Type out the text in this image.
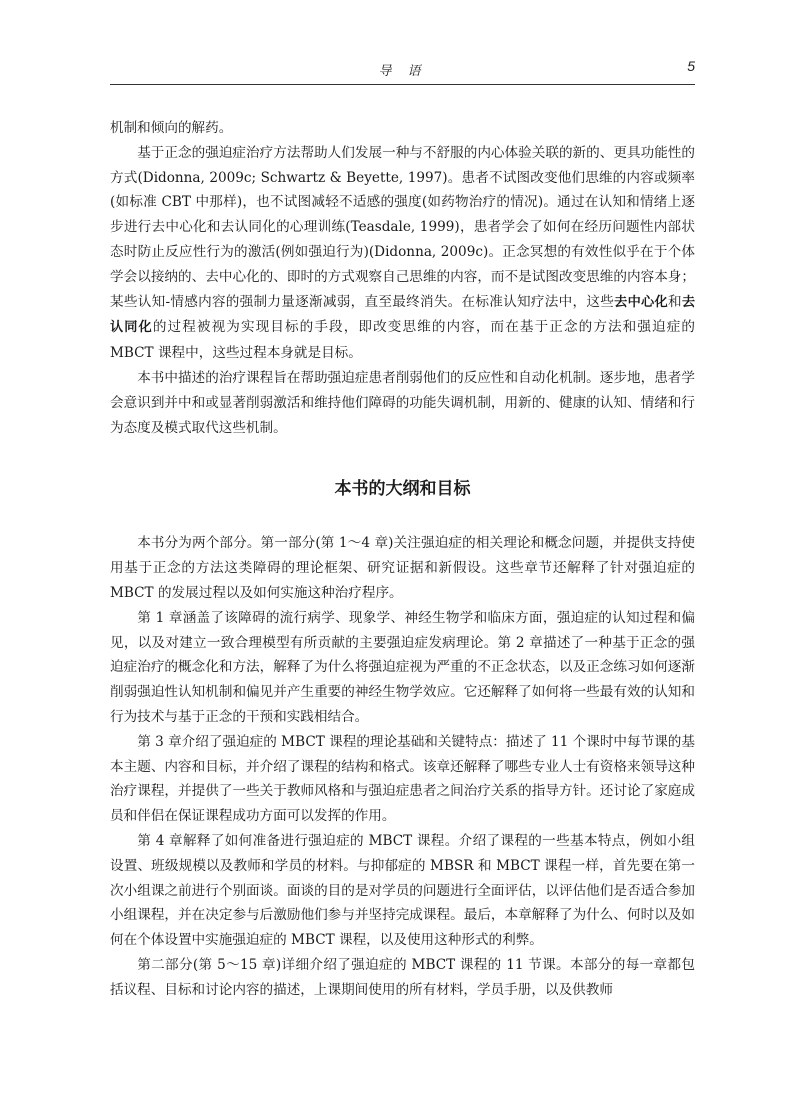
导 语	5

机制和倾向的解药。

基于正念的强迫症治疗方法帮助人们发展一种与不舒服的内心体验关联的新的、更具功能性的方式(Didonna, 2009c; Schwartz & Beyette, 1997)。患者不试图改变他们思维的内容或频率(如标准 CBT 中那样)，也不试图减轻不适感的强度(如药物治疗的情况)。通过在认知和情绪上逐步进行去中心化和去认同化的心理训练(Teasdale, 1999)，患者学会了如何在经历问题性内部状态时防止反应性行为的激活(例如强迫行为)(Didonna, 2009c)。正念冥想的有效性似乎在于个体学会以接纳的、去中心化的、即时的方式观察自己思维的内容，而不是试图改变思维的内容本身；某些认知-情感内容的强制力量逐渐减弱，直至最终消失。在标准认知疗法中，这些去中心化和去认同化的过程被视为实现目标的手段，即改变思维的内容，而在基于正念的方法和强迫症的 MBCT 课程中，这些过程本身就是目标。

本书中描述的治疗课程旨在帮助强迫症患者削弱他们的反应性和自动化机制。逐步地，患者学会意识到并中和或显著削弱激活和维持他们障碍的功能失调机制，用新的、健康的认知、情绪和行为态度及模式取代这些机制。

本书的大纲和目标

本书分为两个部分。第一部分(第 1～4 章)关注强迫症的相关理论和概念问题，并提供支持使用基于正念的方法这类障碍的理论框架、研究证据和新假设。这些章节还解释了针对强迫症的 MBCT 的发展过程以及如何实施这种治疗程序。

第 1 章涵盖了该障碍的流行病学、现象学、神经生物学和临床方面，强迫症的认知过程和偏见，以及对建立一致合理模型有所贡献的主要强迫症发病理论。第 2 章描述了一种基于正念的强迫症治疗的概念化和方法，解释了为什么将强迫症视为严重的不正念状态，以及正念练习如何逐渐削弱强迫性认知机制和偏见并产生重要的神经生物学效应。它还解释了如何将一些最有效的认知和行为技术与基于正念的干预和实践相结合。

第 3 章介绍了强迫症的 MBCT 课程的理论基础和关键特点：描述了 11 个课时中每节课的基本主题、内容和目标，并介绍了课程的结构和格式。该章还解释了哪些专业人士有资格来领导这种治疗课程，并提供了一些关于教师风格和与强迫症患者之间治疗关系的指导方针。还讨论了家庭成员和伴侣在保证课程成功方面可以发挥的作用。

第 4 章解释了如何准备进行强迫症的 MBCT 课程。介绍了课程的一些基本特点，例如小组设置、班级规模以及教师和学员的材料。与抑郁症的 MBSR 和 MBCT 课程一样，首先要在第一次小组课之前进行个别面谈。面谈的目的是对学员的问题进行全面评估，以评估他们是否适合参加小组课程，并在决定参与后激励他们参与并坚持完成课程。最后，本章解释了为什么、何时以及如何在个体设置中实施强迫症的 MBCT 课程，以及使用这种形式的利弊。

第二部分(第 5～15 章)详细介绍了强迫症的 MBCT 课程的 11 节课。本部分的每一章都包括议程、目标和讨论内容的描述，上课期间使用的所有材料，学员手册，以及供教师
